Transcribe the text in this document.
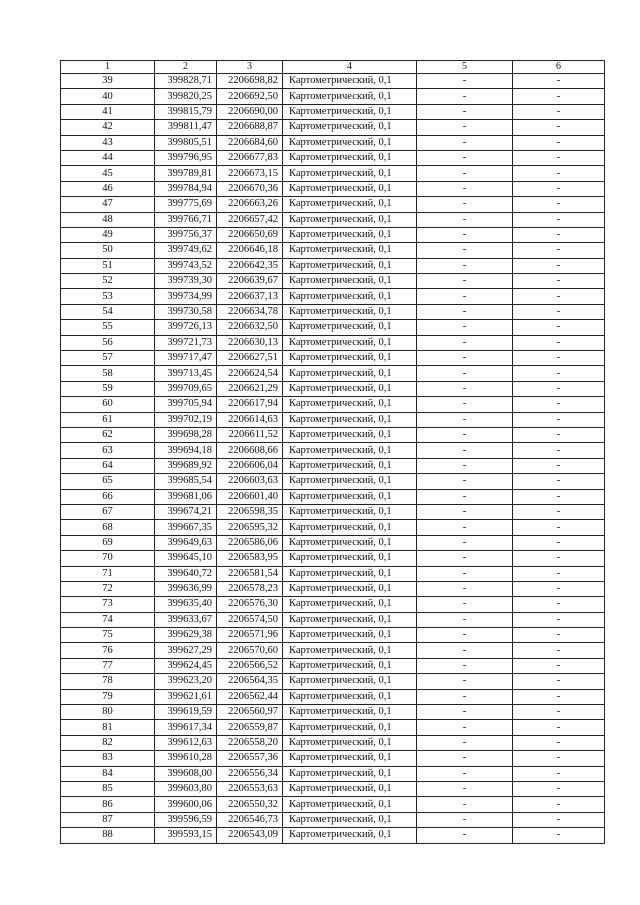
1	2	3	4	5	6
39	399828,71	2206698,82	Картометрический, 0,1	-	-
40	399820,25	2206692,50	Картометрический, 0,1	-	-
41	399815,79	2206690,00	Картометрический, 0,1	-	-
42	399811,47	2206688,87	Картометрический, 0,1	-	-
43	399805,51	2206684,60	Картометрический, 0,1	-	-
44	399796,95	2206677,83	Картометрический, 0,1	-	-
45	399789,81	2206673,15	Картометрический, 0,1	-	-
46	399784,94	2206670,36	Картометрический, 0,1	-	-
47	399775,69	2206663,26	Картометрический, 0,1	-	-
48	399766,71	2206657,42	Картометрический, 0,1	-	-
49	399756,37	2206650,69	Картометрический, 0,1	-	-
50	399749,62	2206646,18	Картометрический, 0,1	-	-
51	399743,52	2206642,35	Картометрический, 0,1	-	-
52	399739,30	2206639,67	Картометрический, 0,1	-	-
53	399734,99	2206637,13	Картометрический, 0,1	-	-
54	399730,58	2206634,78	Картометрический, 0,1	-	-
55	399726,13	2206632,50	Картометрический, 0,1	-	-
56	399721,73	2206630,13	Картометрический, 0,1	-	-
57	399717,47	2206627,51	Картометрический, 0,1	-	-
58	399713,45	2206624,54	Картометрический, 0,1	-	-
59	399709,65	2206621,29	Картометрический, 0,1	-	-
60	399705,94	2206617,94	Картометрический, 0,1	-	-
61	399702,19	2206614,63	Картометрический, 0,1	-	-
62	399698,28	2206611,52	Картометрический, 0,1	-	-
63	399694,18	2206608,66	Картометрический, 0,1	-	-
64	399689,92	2206606,04	Картометрический, 0,1	-	-
65	399685,54	2206603,63	Картометрический, 0,1	-	-
66	399681,06	2206601,40	Картометрический, 0,1	-	-
67	399674,21	2206598,35	Картометрический, 0,1	-	-
68	399667,35	2206595,32	Картометрический, 0,1	-	-
69	399649,63	2206586,06	Картометрический, 0,1	-	-
70	399645,10	2206583,95	Картометрический, 0,1	-	-
71	399640,72	2206581,54	Картометрический, 0,1	-	-
72	399636,99	2206578,23	Картометрический, 0,1	-	-
73	399635,40	2206576,30	Картометрический, 0,1	-	-
74	399633,67	2206574,50	Картометрический, 0,1	-	-
75	399629,38	2206571,96	Картометрический, 0,1	-	-
76	399627,29	2206570,60	Картометрический, 0,1	-	-
77	399624,45	2206566,52	Картометрический, 0,1	-	-
78	399623,20	2206564,35	Картометрический, 0,1	-	-
79	399621,61	2206562,44	Картометрический, 0,1	-	-
80	399619,59	2206560,97	Картометрический, 0,1	-	-
81	399617,34	2206559,87	Картометрический, 0,1	-	-
82	399612,63	2206558,20	Картометрический, 0,1	-	-
83	399610,28	2206557,36	Картометрический, 0,1	-	-
84	399608,00	2206556,34	Картометрический, 0,1	-	-
85	399603,80	2206553,63	Картометрический, 0,1	-	-
86	399600,06	2206550,32	Картометрический, 0,1	-	-
87	399596,59	2206546,73	Картометрический, 0,1	-	-
88	399593,15	2206543,09	Картометрический, 0,1	-	-
